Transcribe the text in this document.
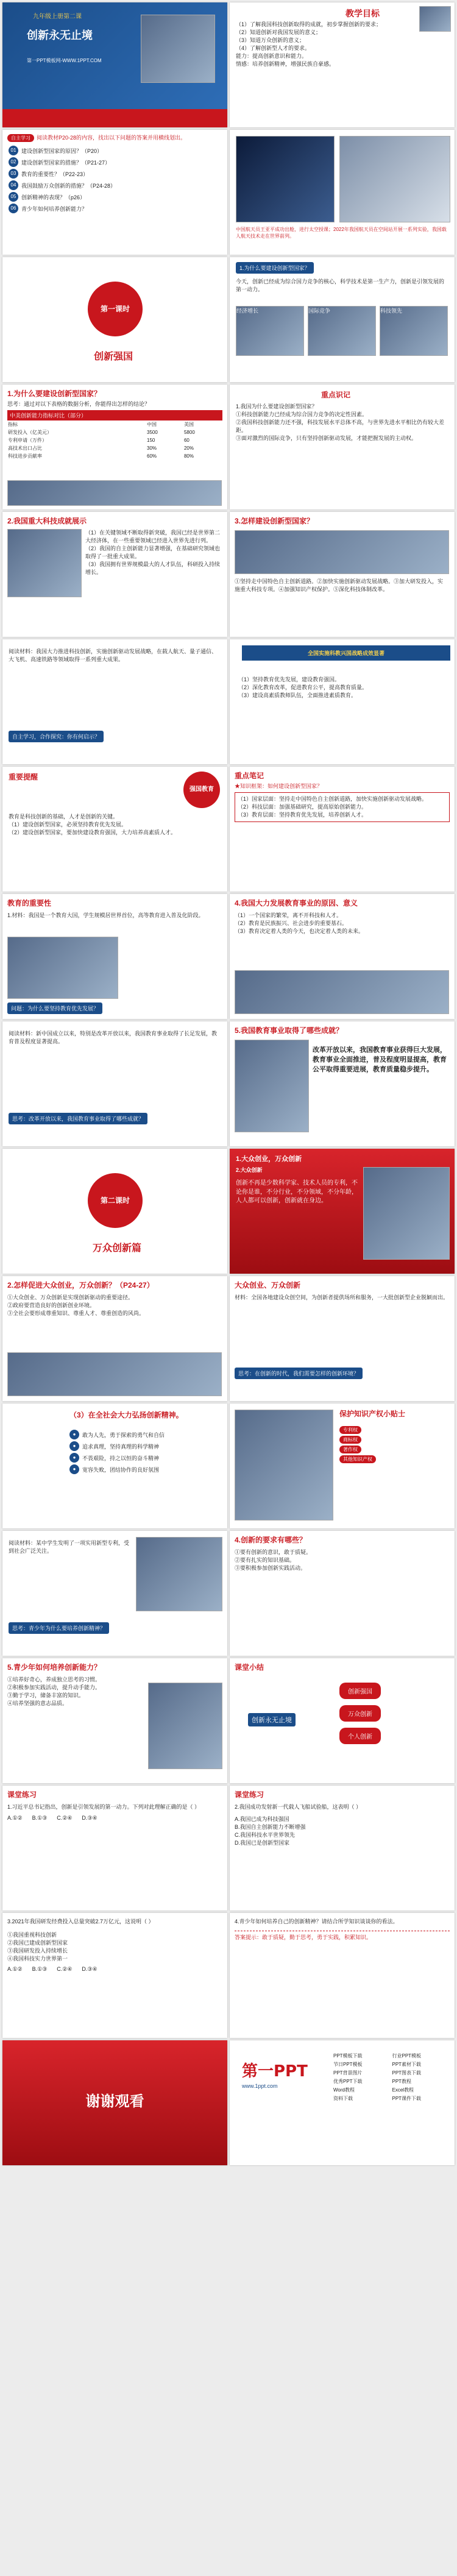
九年级上册第二课
创新永无止境
第一PPT模板网-WWW.1PPT.COM
教学目标
（1）了解我国科技创新取得的成就，初步掌握创新的要求；
（2）知道创新对我国发展的意义；
（3）知道万众创新的意义；
（4）了解创新型人才的要求。
能力：提高创新意识和能力。
情感：培养创新精神，增强民族自豪感。
自主学习 阅读教材P20-28的内容，找出以下问题的答案并用横线划出。
01 建设创新型国家的原因？（P20）
02 建设创新型国家的措施？（P21-27）
03 教育的重要性？（P22-23）
04 我国鼓励万众创新的措施？（P24-28）
05 创新精神的表现？（p26）
06 青少年如何培养创新能力？
中国航天员王亚平成功出舱，进行太空授课；2022年我国航天员在空间站开展一系列实验，我国载人航天技术走在世界前列。
第一课时
创新强国
1.为什么要建设创新型国家？
今天，创新已经成为综合国力竞争的核心，科学技术是第一生产力，创新是引领发展的第一动力。
经济增长	国际竞争	科技领先
1.为什么要建设创新型国家？
思考：通过对以下表格的数据分析，你能得出怎样的结论？
中美创新能力指标对比（部分）
指标	中国	美国
研发投入（亿美元）	3500	5800
专利申请（万件）	150	60
高技术出口占比	30%	20%
科技进步贡献率	60%	80%
重点识记
1.我国为什么要建设创新型国家？
①科技创新能力已经成为综合国力竞争的决定性因素。
②我国科技创新能力还不强，科技发展水平总体不高，与世界先进水平相比仍有较大差距。
③面对激烈的国际竞争，只有坚持创新驱动发展，才能把握发展的主动权。
2.我国重大科技成就展示
（1）在关键领域不断取得新突破，我国已经是世界第二大经济体，在一些重要领域已经进入世界先进行列。
（2）我国的自主创新能力显著增强，在基础研究领域也取得了一批重大成果。
（3）我国拥有世界规模最大的人才队伍，科研投入持续增长。
3.怎样建设创新型国家？
①坚持走中国特色自主创新道路。②加快实施创新驱动发展战略。③加大研发投入，实施重大科技专项。④加强知识产权保护。⑤深化科技体制改革。
阅读材料：我国大力推进科技创新，实施创新驱动发展战略，在载人航天、量子通信、大飞机、高速铁路等领域取得一系列重大成果。
自主学习，合作探究：你有何启示？
全国实施科教兴国战略成效显著
（1）坚持教育优先发展，建设教育强国。
（2）深化教育改革，促进教育公平，提高教育质量。
（3）建设高素质教师队伍，全面推进素质教育。
重要提醒
强国教育
教育是科技创新的基础，人才是创新的关键。
（1）建设创新型国家，必须坚持教育优先发展。
（2）建设创新型国家，要加快建设教育强国，大力培养高素质人才。
重点笔记
★知识框架：如何建设创新型国家？
（1）国家层面：坚持走中国特色自主创新道路，加快实施创新驱动发展战略。
（2）科技层面：加强基础研究，提高原始创新能力。
（3）教育层面：坚持教育优先发展，培养创新人才。
教育的重要性
1.材料：我国是一个教育大国，学生规模居世界首位，高等教育进入普及化阶段。
问题：为什么要坚持教育优先发展？
4.我国大力发展教育事业的原因、意义
（1）一个国家的繁荣，离不开科技和人才。
（2）教育是民族振兴、社会进步的重要基石。
（3）教育决定着人类的今天，也决定着人类的未来。
阅读材料：新中国成立以来，特别是改革开放以来，我国教育事业取得了长足发展，教育普及程度显著提高。
思考：改革开放以来，我国教育事业取得了哪些成就？
5.我国教育事业取得了哪些成就？
改革开放以来，我国教育事业获得巨大发展，教育事业全面推进，普及程度明显提高，教育公平取得重要进展，教育质量稳步提升。
第二课时
万众创新篇
1.大众创业，万众创新
2.大众创新
创新不再是少数科学家、技术人员的专利，不论你是谁，不分行业，不分领域，不分年龄，人人都可以创新，创新就在身边。
2.怎样促进大众创业，万众创新？（P24-27）
①大众创业、万众创新是实现创新驱动的重要途径。
②政府要营造良好的创新创业环境。
③全社会要形成尊重知识、尊重人才、尊重创造的风尚。
大众创业、万众创新
材料：全国各地建设众创空间，为创新者提供场所和服务，一大批创新型企业脱颖而出。
思考：在创新的时代，我们需要怎样的创新环境？
（3）在全社会大力弘扬创新精神。
●	敢为人先，勇于探索的勇气和自信
●	追求真理，坚持真理的科学精神
●	不畏艰险，持之以恒的奋斗精神
●	宽容失败，团结协作的良好氛围
保护知识产权小贴士
专利权
商标权
著作权
其他知识产权
阅读材料：某中学生发明了一项实用新型专利，受到社会广泛关注。
思考：青少年为什么要培养创新精神？
4.创新的要求有哪些？
①要有创新的意识，敢于质疑。
②要有扎实的知识基础。
③要积极参加创新实践活动。
5.青少年如何培养创新能力？
①培养好奇心，养成独立思考的习惯。
②积极参加实践活动，提升动手能力。
③勤于学习，储备丰富的知识。
④培养坚强的意志品质。
课堂小结
创新永无止境
创新强国
万众创新
个人创新
课堂练习
1.习近平总书记指出，创新是引领发展的第一动力。下列对此理解正确的是（ ）
A.①② B.①③ C.②④ D.③④
课堂练习
2.我国成功发射新一代载人飞船试验船，这表明（ ）
A.我国已成为科技强国
B.我国自主创新能力不断增强
C.我国科技水平世界领先
D.我国已是创新型国家
3.2021年我国研发经费投入总量突破2.7万亿元，这说明（ ）
①我国重视科技创新
②我国已建成创新型国家
③我国研发投入持续增长
④我国科技实力世界第一
A.①② B.①③ C.②④ D.③④
4.青少年如何培养自己的创新精神？请结合所学知识谈谈你的看法。
答案提示：敢于质疑，勤于思考，勇于实践，积累知识。
谢谢观看
第一PPT
www.1ppt.com
PPT模板下载	行业PPT模板
节日PPT模板	PPT素材下载
PPT背景图片	PPT图表下载
优秀PPT下载	PPT教程
Word教程	Excel教程
资料下载	PPT课件下载
